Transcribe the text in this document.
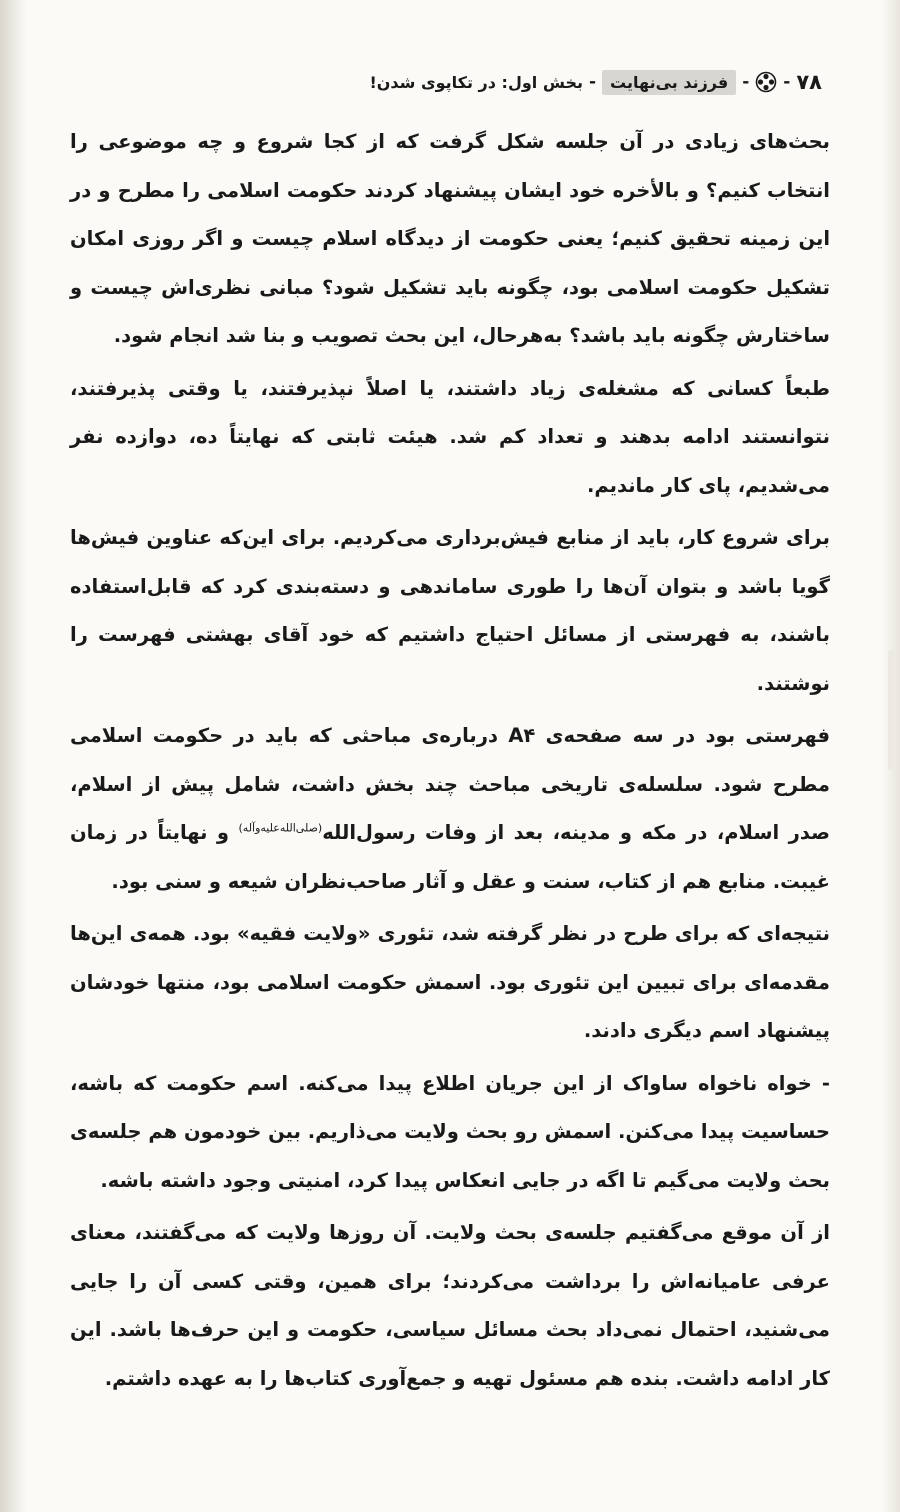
۷۸
-
-
فرزند بی‌نهایت
-
بخش اول: در تکاپوی شدن!

بحث‌های زیادی در آن جلسه شکل گرفت که از کجا شروع و چه موضوعی را انتخاب کنیم؟ و بالأخره خود ایشان پیشنهاد کردند حکومت اسلامی را مطرح و در این زمینه تحقیق کنیم؛ یعنی حکومت از دیدگاه اسلام چیست و اگر روزی امکان تشکیل حکومت اسلامی بود، چگونه باید تشکیل شود؟ مبانی نظری‌اش چیست و ساختارش چگونه باید باشد؟ به‌هرحال، این بحث تصویب و بنا شد انجام شود.

طبعاً کسانی که مشغله‌ی زیاد داشتند، یا اصلاً نپذیرفتند، یا وقتی پذیرفتند، نتوانستند ادامه بدهند و تعداد کم شد. هیئت ثابتی که نهایتاً ده، دوازده نفر می‌شدیم، پای کار ماندیم.

برای شروع کار، باید از منابع فیش‌برداری می‌کردیم. برای این‌که عناوین فیش‌ها گویا باشد و بتوان آن‌ها را طوری ساماندهی و دسته‌بندی کرد که قابل‌استفاده باشند، به فهرستی از مسائل احتیاج داشتیم که خود آقای بهشتی فهرست را نوشتند.

فهرستی بود در سه صفحه‌ی A۴ درباره‌ی مباحثی که باید در حکومت اسلامی مطرح شود. سلسله‌ی تاریخی مباحث چند بخش داشت، شامل پیش از اسلام، صدر اسلام، در مکه و مدینه، بعد از وفات رسول‌الله$^{(صلی‌الله‌علیه‌وآله)}$ و نهایتاً در زمان غیبت. منابع هم از کتاب، سنت و عقل و آثار صاحب‌نظران شیعه و سنی بود.

نتیجه‌ای که برای طرح در نظر گرفته شد، تئوری «ولایت فقیه» بود. همه‌ی این‌ها مقدمه‌ای برای تبیین این تئوری بود. اسمش حکومت اسلامی بود، منتها خودشان پیشنهاد اسم دیگری دادند.

- خواه ناخواه ساواک از این جریان اطلاع پیدا می‌کنه. اسم حکومت که باشه، حساسیت پیدا می‌کنن. اسمش رو بحث ولایت می‌ذاریم. بین خودمون هم جلسه‌ی بحث ولایت می‌گیم تا اگه در جایی انعکاس پیدا کرد، امنیتی وجود داشته باشه.

از آن موقع می‌گفتیم جلسه‌ی بحث ولایت. آن روزها ولایت که می‌گفتند، معنای عرفی عامیانه‌اش را برداشت می‌کردند؛ برای همین، وقتی کسی آن را جایی می‌شنید، احتمال نمی‌داد بحث مسائل سیاسی، حکومت و این حرف‌ها باشد. این کار ادامه داشت. بنده هم مسئول تهیه و جمع‌آوری کتاب‌ها را به عهده داشتم.
